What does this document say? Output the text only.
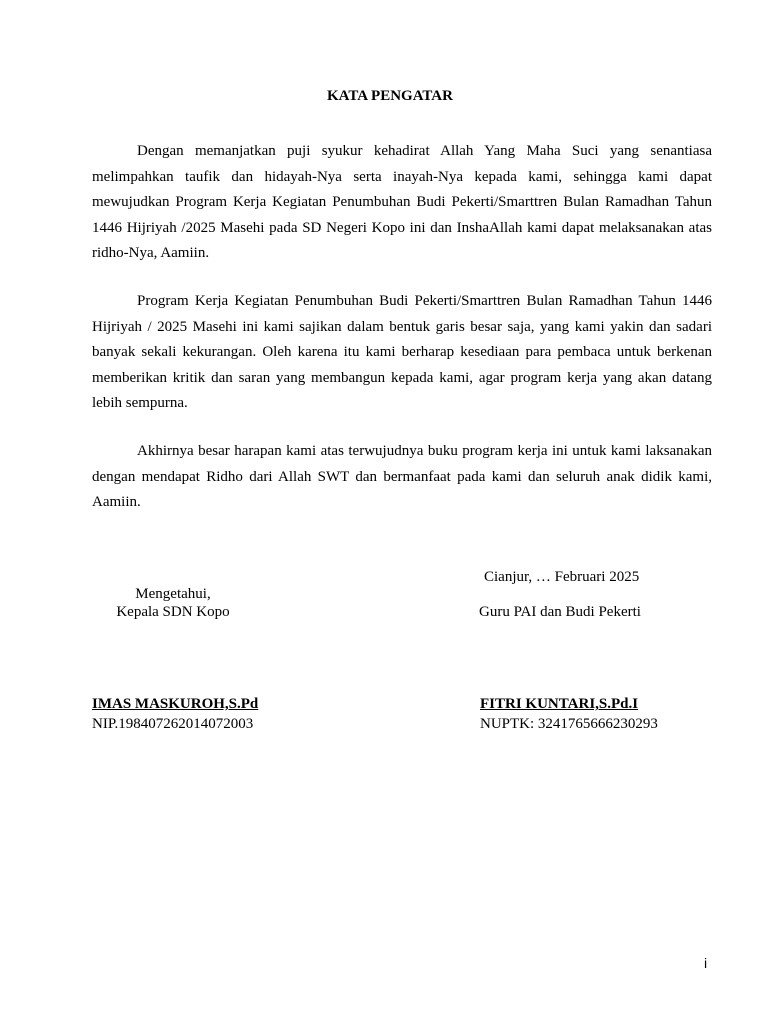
KATA PENGATAR

Dengan memanjatkan puji syukur kehadirat Allah Yang Maha Suci yang senantiasa melimpahkan taufik dan hidayah-Nya serta inayah-Nya kepada kami, sehingga kami dapat mewujudkan Program Kerja Kegiatan Penumbuhan Budi Pekerti/Smarttren Bulan Ramadhan Tahun 1446 Hijriyah /2025 Masehi pada SD Negeri Kopo ini dan InshaAllah kami dapat melaksanakan atas ridho-Nya, Aamiin.

Program Kerja Kegiatan Penumbuhan Budi Pekerti/Smarttren Bulan Ramadhan Tahun 1446 Hijriyah / 2025 Masehi ini kami sajikan dalam bentuk garis besar saja, yang kami yakin dan sadari banyak sekali kekurangan. Oleh karena itu kami berharap kesediaan para pembaca untuk berkenan memberikan kritik dan saran yang membangun kepada kami, agar program kerja yang akan datang lebih sempurna.

Akhirnya besar harapan kami atas terwujudnya buku program kerja ini untuk kami laksanakan dengan mendapat Ridho dari Allah SWT dan bermanfaat pada kami dan seluruh anak didik kami, Aamiin.

Mengetahui,
Kepala SDN Kopo
IMAS MASKUROH,S.Pd
NIP.198407262014072003
Cianjur, … Februari 2025
Guru PAI dan Budi Pekerti
FITRI KUNTARI,S.Pd.I
NUPTK: 3241765666230293
i
